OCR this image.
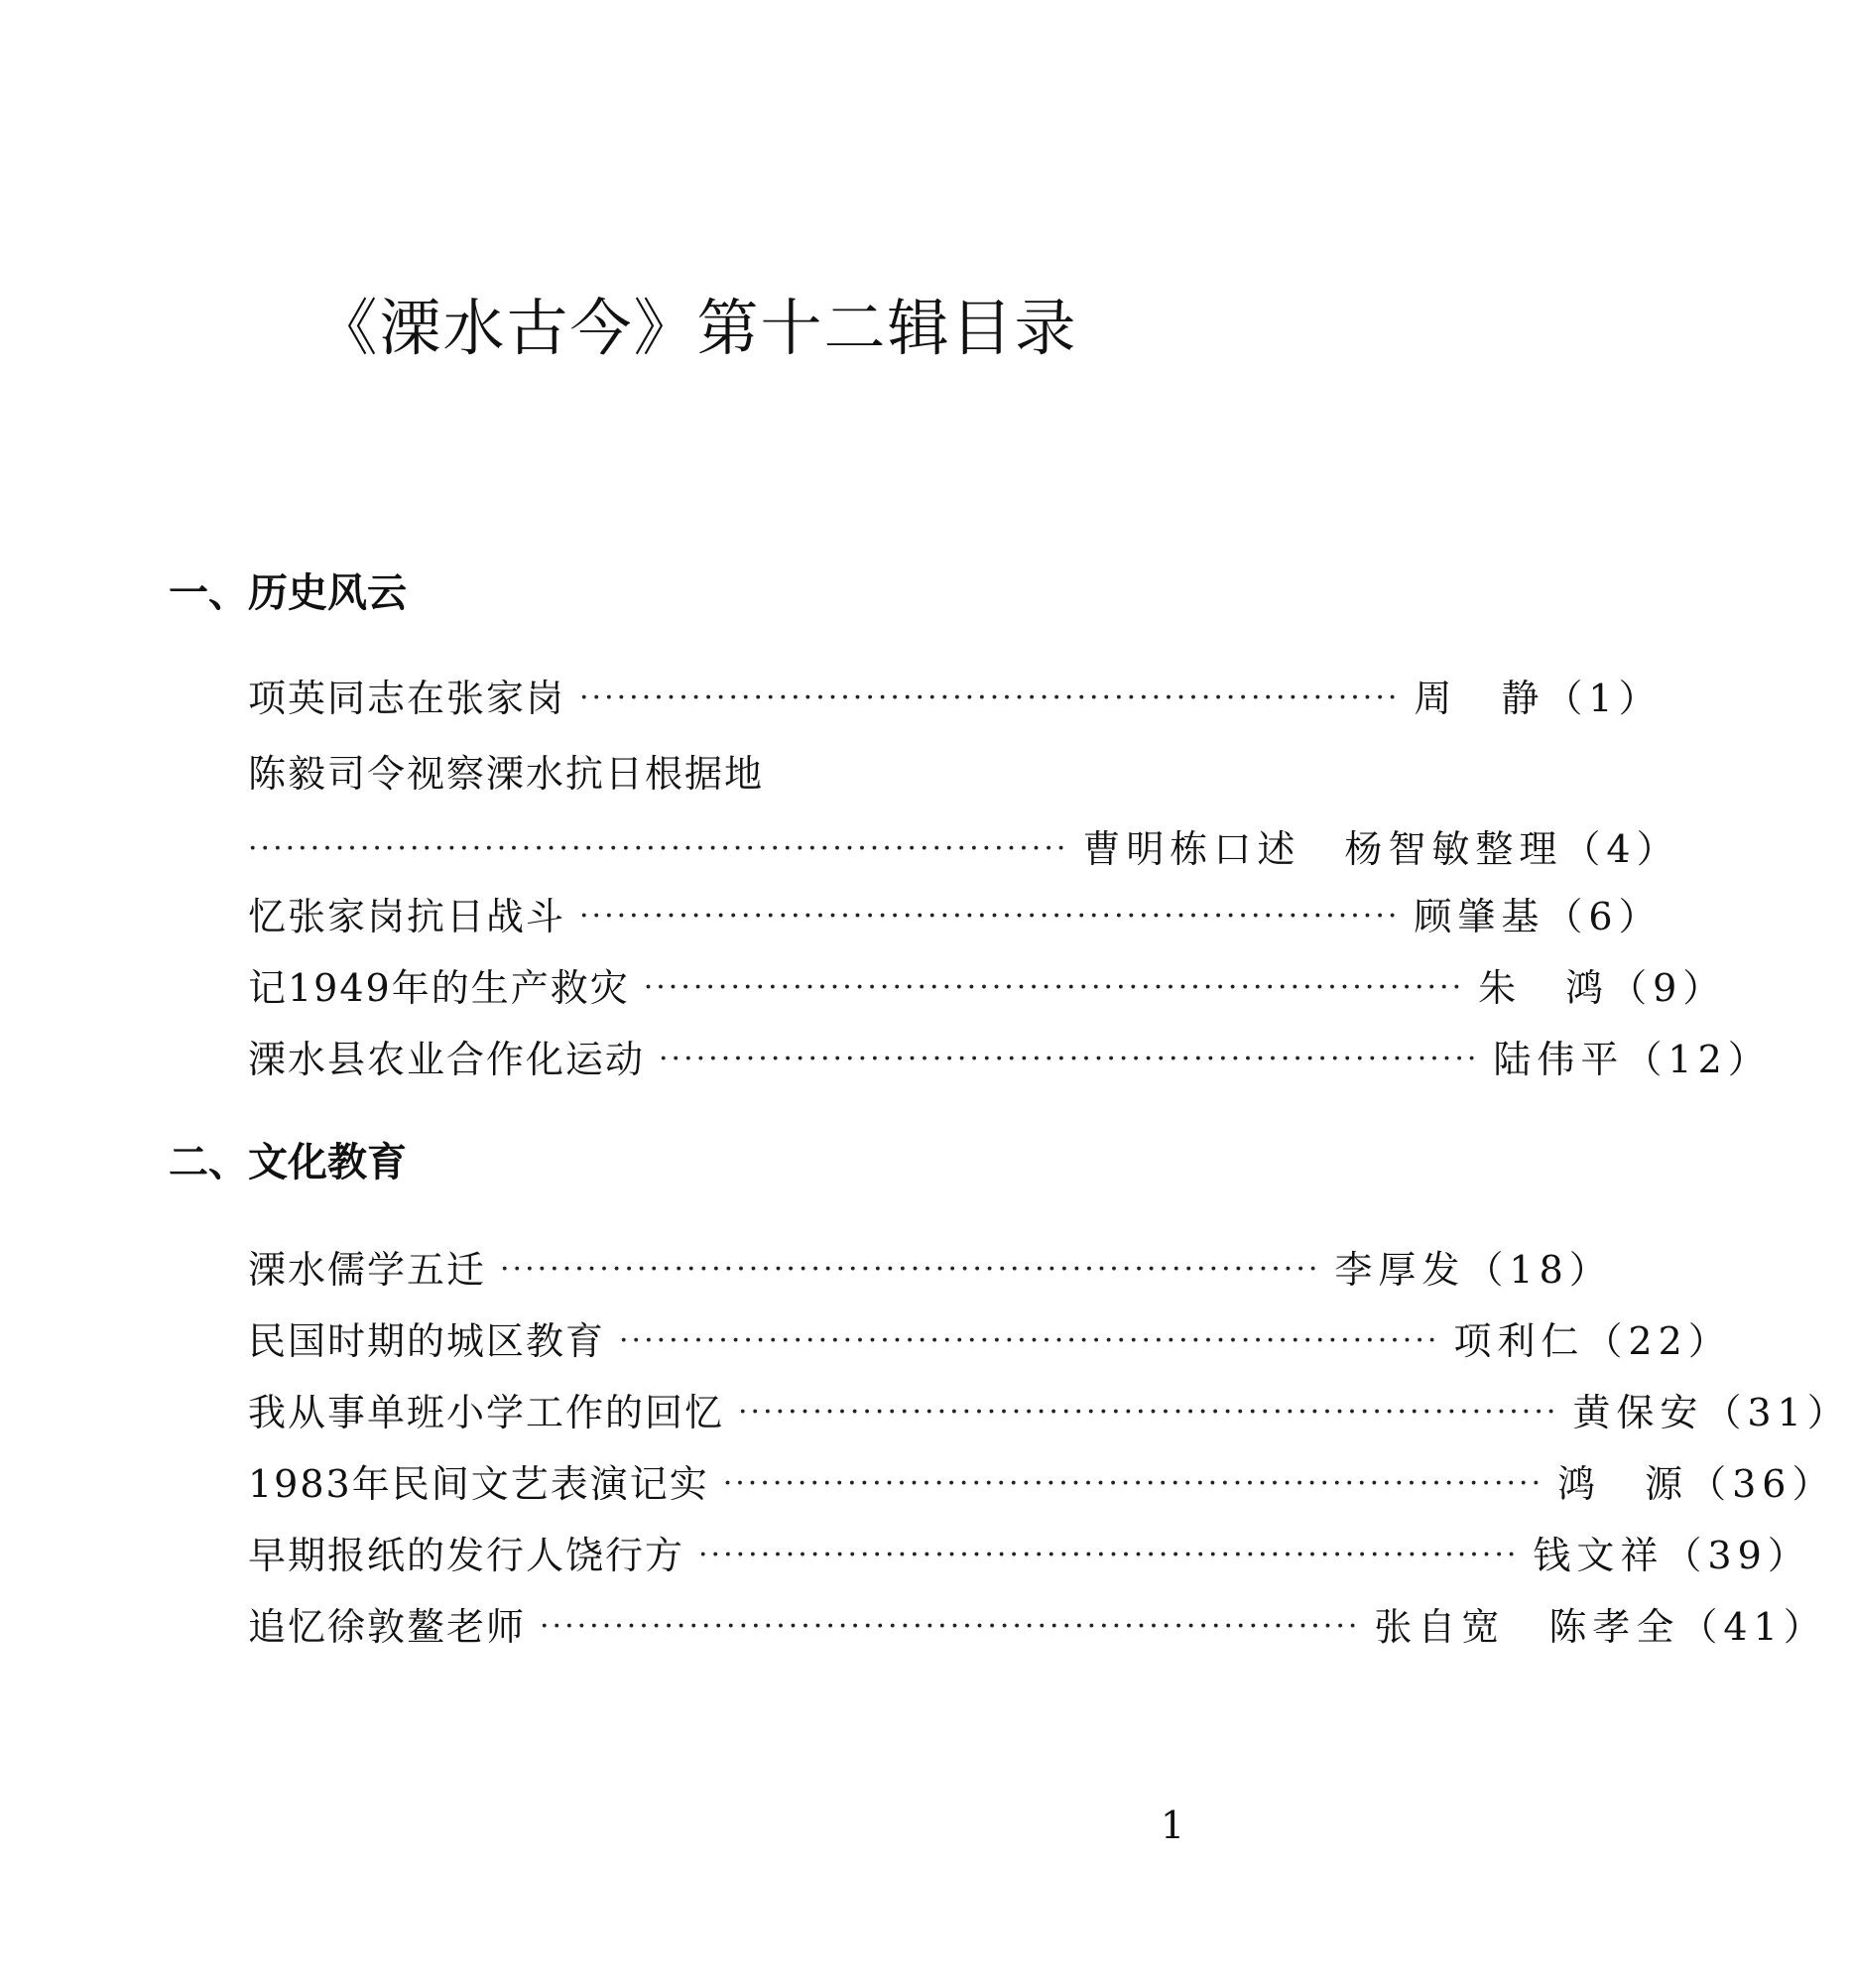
《溧水古今》第十二辑目录
一、历史风云
项英同志在张家岗 ·································································· 周　静（1）
陈毅司令视察溧水抗日根据地
·································································· 曹明栋口述　杨智敏整理（4）
忆张家岗抗日战斗 ·································································· 顾肇基（6）
记1949年的生产救灾 ·································································· 朱　鸿（9）
溧水县农业合作化运动 ·································································· 陆伟平（12）
二、文化教育
溧水儒学五迁 ·································································· 李厚发（18）
民国时期的城区教育 ·································································· 项利仁（22）
我从事单班小学工作的回忆 ·································································· 黄保安（31）
1983年民间文艺表演记实 ·································································· 鸿　源（36）
早期报纸的发行人饶行方 ·································································· 钱文祥（39）
追忆徐敦鳌老师 ·································································· 张自宽　陈孝全（41）
1
